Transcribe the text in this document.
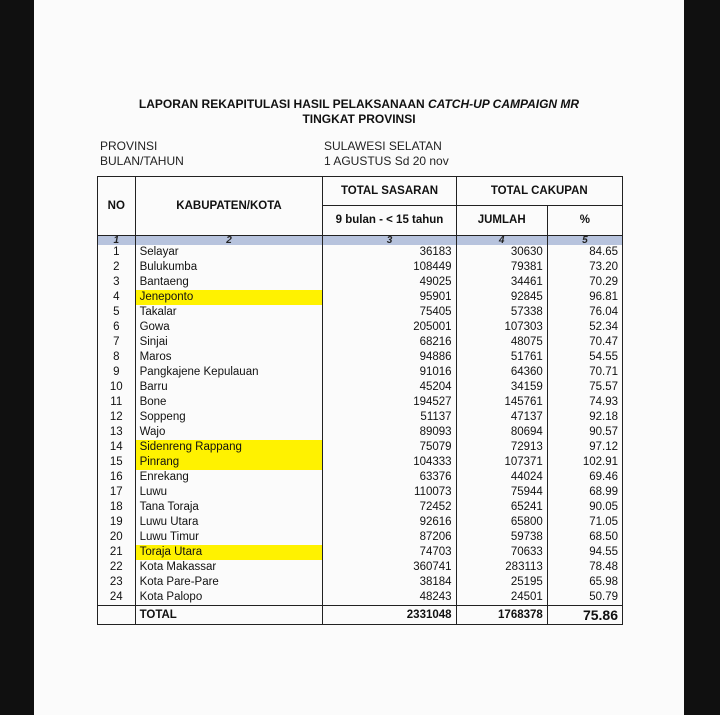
LAPORAN REKAPITULASI HASIL PELAKSANAAN CATCH-UP CAMPAIGN MR
TINGKAT PROVINSI
PROVINSI	SULAWESI SELATAN
BULAN/TAHUN	1 AGUSTUS Sd 20 nov
NO	KABUPATEN/KOTA	TOTAL SASARAN	TOTAL CAKUPAN	
		9 bulan - < 15 tahun	JUMLAH	%
1	2	3	4	5
1	Selayar	36183	30630	84.65
2	Bulukumba	108449	79381	73.20
3	Bantaeng	49025	34461	70.29
4	Jeneponto	95901	92845	96.81
5	Takalar	75405	57338	76.04
6	Gowa	205001	107303	52.34
7	Sinjai	68216	48075	70.47
8	Maros	94886	51761	54.55
9	Pangkajene Kepulauan	91016	64360	70.71
10	Barru	45204	34159	75.57
11	Bone	194527	145761	74.93
12	Soppeng	51137	47137	92.18
13	Wajo	89093	80694	90.57
14	Sidenreng Rappang	75079	72913	97.12
15	Pinrang	104333	107371	102.91
16	Enrekang	63376	44024	69.46
17	Luwu	110073	75944	68.99
18	Tana Toraja	72452	65241	90.05
19	Luwu Utara	92616	65800	71.05
20	Luwu Timur	87206	59738	68.50
21	Toraja Utara	74703	70633	94.55
22	Kota Makassar	360741	283113	78.48
23	Kota Pare-Pare	38184	25195	65.98
24	Kota Palopo	48243	24501	50.79
	TOTAL	2331048	1768378	75.86
